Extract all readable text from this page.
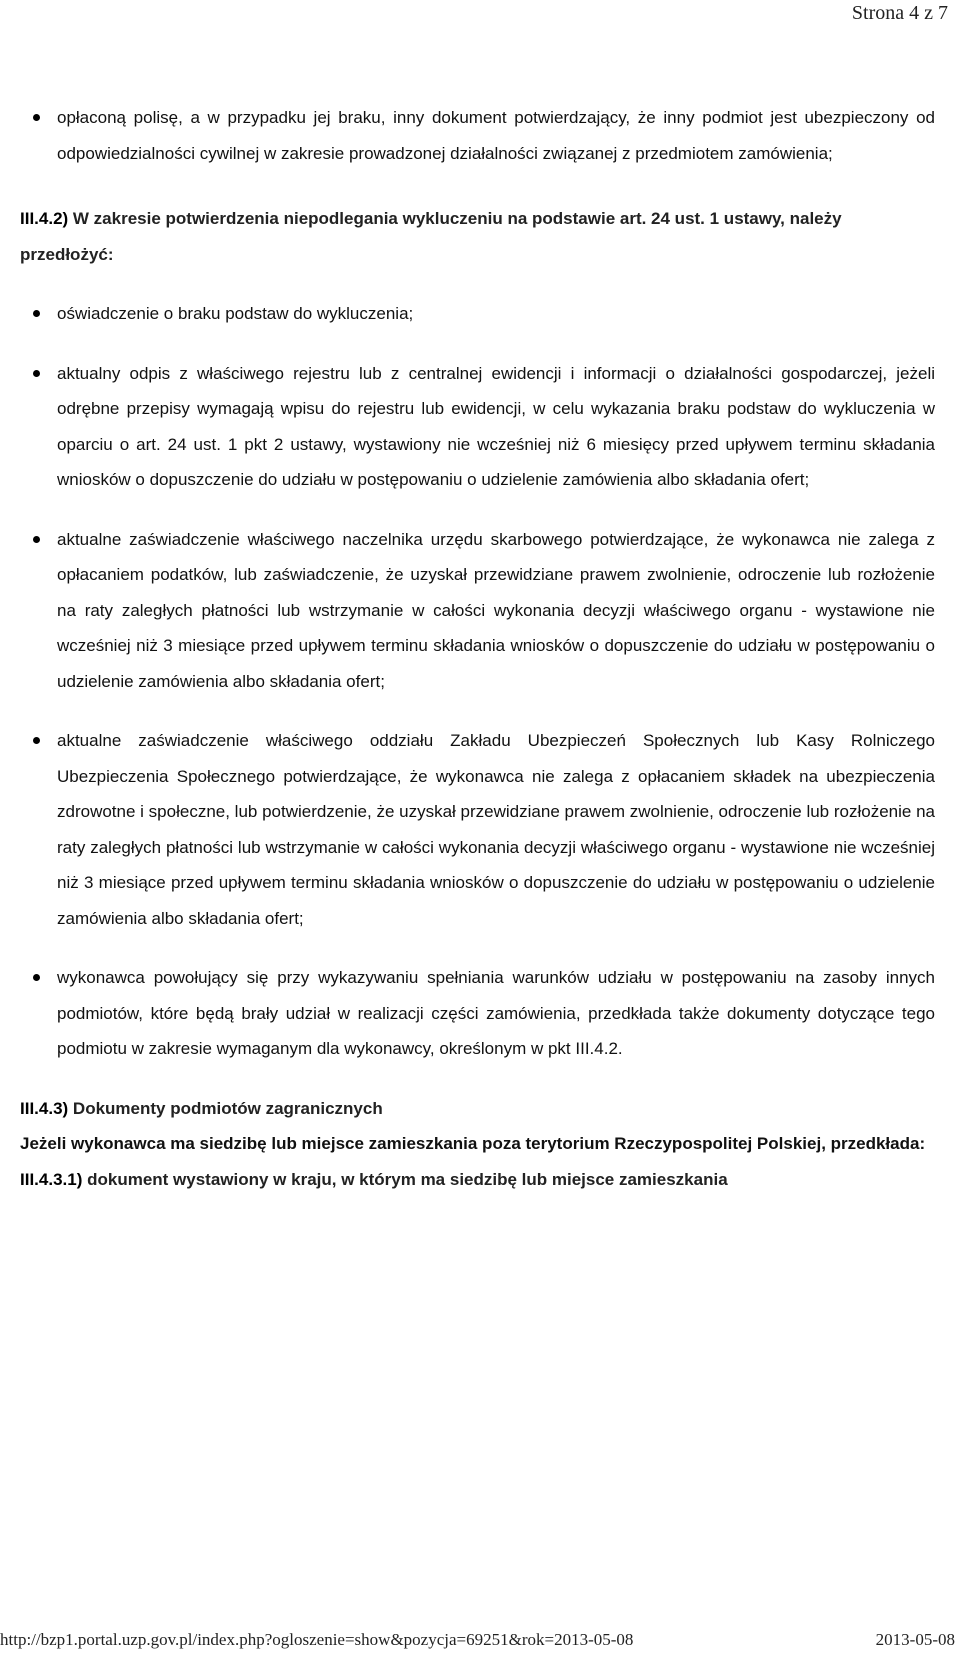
Strona 4 z 7
opłaconą polisę, a w przypadku jej braku, inny dokument potwierdzający, że inny podmiot jest ubezpieczony od odpowiedzialności cywilnej w zakresie prowadzonej działalności związanej z przedmiotem zamówienia;
III.4.2) W zakresie potwierdzenia niepodlegania wykluczeniu na podstawie art. 24 ust. 1 ustawy, należy przedłożyć:
oświadczenie o braku podstaw do wykluczenia;
aktualny odpis z właściwego rejestru lub z centralnej ewidencji i informacji o działalności gospodarczej, jeżeli odrębne przepisy wymagają wpisu do rejestru lub ewidencji, w celu wykazania braku podstaw do wykluczenia w oparciu o art. 24 ust. 1 pkt 2 ustawy, wystawiony nie wcześniej niż 6 miesięcy przed upływem terminu składania wniosków o dopuszczenie do udziału w postępowaniu o udzielenie zamówienia albo składania ofert;
aktualne zaświadczenie właściwego naczelnika urzędu skarbowego potwierdzające, że wykonawca nie zalega z opłacaniem podatków, lub zaświadczenie, że uzyskał przewidziane prawem zwolnienie, odroczenie lub rozłożenie na raty zaległych płatności lub wstrzymanie w całości wykonania decyzji właściwego organu - wystawione nie wcześniej niż 3 miesiące przed upływem terminu składania wniosków o dopuszczenie do udziału w postępowaniu o udzielenie zamówienia albo składania ofert;
aktualne zaświadczenie właściwego oddziału Zakładu Ubezpieczeń Społecznych lub Kasy Rolniczego Ubezpieczenia Społecznego potwierdzające, że wykonawca nie zalega z opłacaniem składek na ubezpieczenia zdrowotne i społeczne, lub potwierdzenie, że uzyskał przewidziane prawem zwolnienie, odroczenie lub rozłożenie na raty zaległych płatności lub wstrzymanie w całości wykonania decyzji właściwego organu - wystawione nie wcześniej niż 3 miesiące przed upływem terminu składania wniosków o dopuszczenie do udziału w postępowaniu o udzielenie zamówienia albo składania ofert;
wykonawca powołujący się przy wykazywaniu spełniania warunków udziału w postępowaniu na zasoby innych podmiotów, które będą brały udział w realizacji części zamówienia, przedkłada także dokumenty dotyczące tego podmiotu w zakresie wymaganym dla wykonawcy, określonym w pkt III.4.2.
III.4.3) Dokumenty podmiotów zagranicznych
Jeżeli wykonawca ma siedzibę lub miejsce zamieszkania poza terytorium Rzeczypospolitej Polskiej, przedkłada:
III.4.3.1) dokument wystawiony w kraju, w którym ma siedzibę lub miejsce zamieszkania
http://bzp1.portal.uzp.gov.pl/index.php?ogloszenie=show&pozycja=69251&rok=2013-05-08	2013-05-08
